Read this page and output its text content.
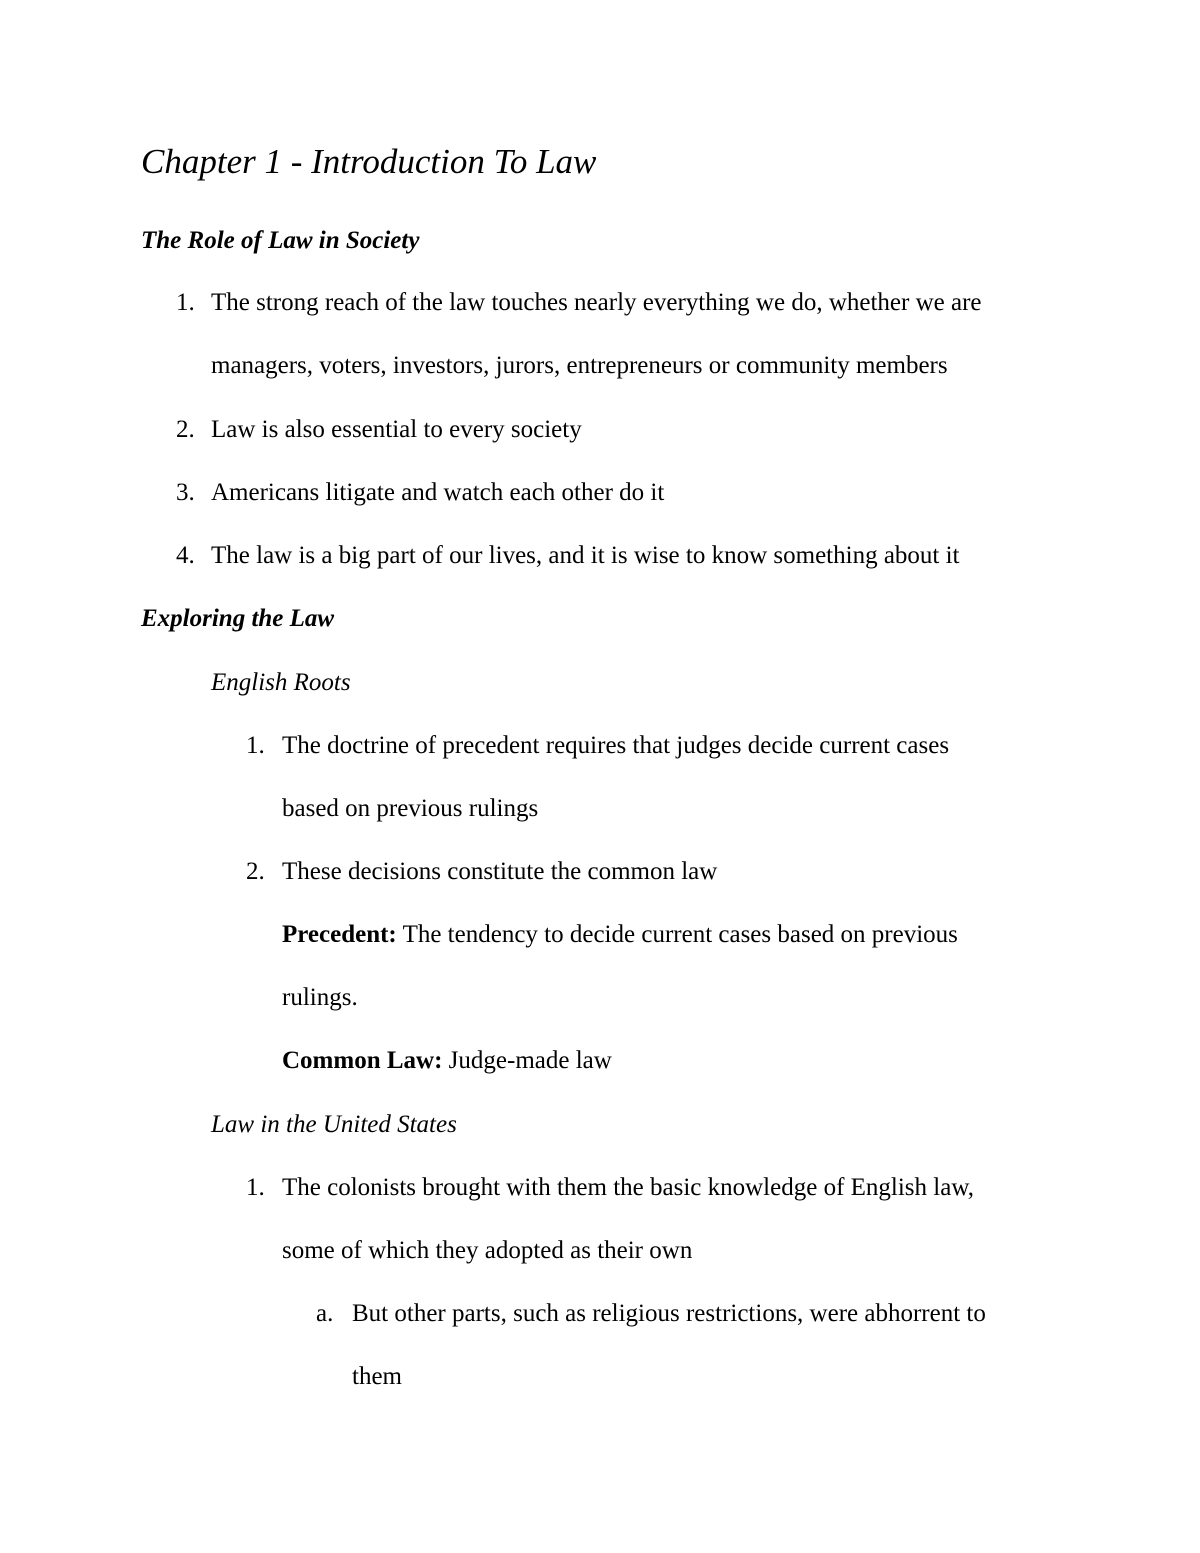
Chapter 1 - Introduction To Law
The Role of Law in Society
1. The strong reach of the law touches nearly everything we do, whether we are
managers, voters, investors, jurors, entrepreneurs or community members
2. Law is also essential to every society
3. Americans litigate and watch each other do it
4. The law is a big part of our lives, and it is wise to know something about it
Exploring the Law
English Roots
1. The doctrine of precedent requires that judges decide current cases
based on previous rulings
2. These decisions constitute the common law
Precedent: The tendency to decide current cases based on previous
rulings.
Common Law: Judge-made law
Law in the United States
1. The colonists brought with them the basic knowledge of English law,
some of which they adopted as their own
a. But other parts, such as religious restrictions, were abhorrent to
them
